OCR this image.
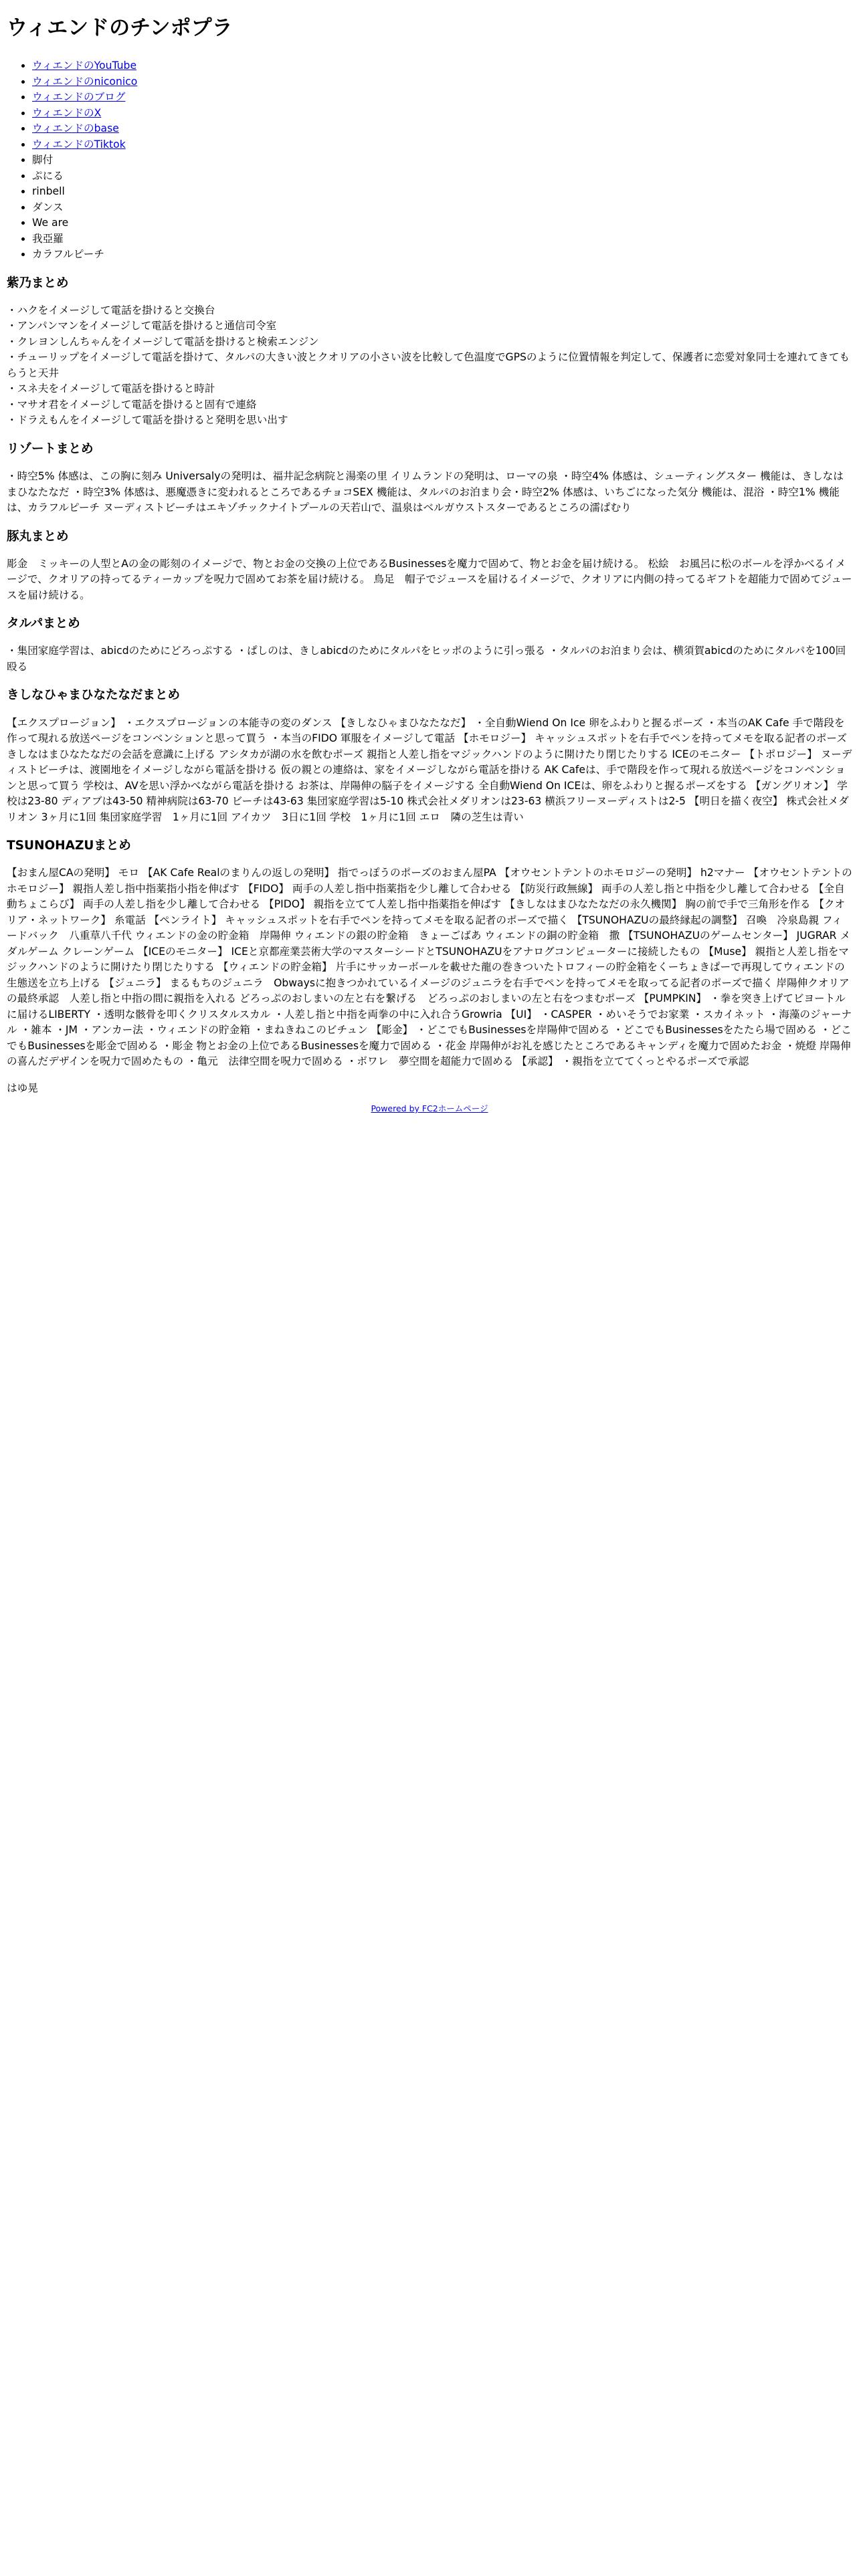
ウィエンドのチンポプラ
• ウィエンドのYouTube
• ウィエンドのniconico
• ウィエンドのブログ
• ウィエンドのX
• ウィエンドのbase
• ウィエンドのTiktok
• 脚付
• ぷにる
• rinbell
• ダンス
• We are
• 我亞羅
• カラフルピーチ
紫乃まとめ
・ハクをイメージして電話を掛けると交換台
・アンパンマンをイメージして電話を掛けると通信司令室
・クレヨンしんちゃんをイメージして電話を掛けると検索エンジン
・チューリップをイメージして電話を掛けて、タルパの大きい波とクオリアの小さい波を比較して色温度でGPSのように位置情報を判定して、保護者に恋愛対象同士を連れてきてもらうと天井
・スネ夫をイメージして電話を掛けると時計
・マサオ君をイメージして電話を掛けると固有で連絡
・ドラえもんをイメージして電話を掛けると発明を思い出す
リゾートまとめ

・時空5% 体感は、この胸に刻み Universalyの発明は、福井記念病院と湯楽の里 イリムランドの発明は、ローマの泉 ・時空4% 体感は、シューティングスター 機能は、きしなはまひなたなだ ・時空3% 体感は、悪魔憑きに変われるところであるチョコSEX 機能は、タルパのお泊まり会・時空2% 体感は、いちごになった気分 機能は、混浴 ・時空1% 機能は、カラフルピーチ ヌーディストビーチはエキゾチックナイトプールの天若山で、温泉はベルガウストスターであるところの濡ぱむり

豚丸まとめ

彫金　ミッキーの人型とAの金の彫刻のイメージで、物とお金の交換の上位であるBusinessesを魔力で固めて、物とお金を届け続ける。 松絵　お風呂に松のボールを浮かべるイメージで、クオリアの持ってるティーカップを呪力で固めてお茶を届け続ける。 鳥足　帽子でジュースを届けるイメージで、クオリアに内側の持ってるギフトを超能力で固めてジュースを届け続ける。

タルパまとめ

・集団家庭学習は、abicdのためにどろっぷする ・ぱしのは、きしabicdのためにタルパをヒッポのように引っ張る ・タルパのお泊まり会は、横須賀abicdのためにタルパを100回殴る

きしなひゃまひなたなだまとめ

【エクスプロージョン】 ・エクスプロージョンの本能寺の変のダンス 【きしなひゃまひなたなだ】 ・全自動Wiend On Ice 卵をふわりと握るポーズ ・本当のAK Cafe 手で階段を作って現れる放送ページをコンベンションと思って買う ・本当のFIDO 軍服をイメージして電話 【ホモロジー】 キャッシュスポットを右手でペンを持ってメモを取る記者のポーズ きしなはまひなたなだの会話を意識に上げる アシタカが湖の水を飲むポーズ 親指と人差し指をマジックハンドのように開けたり閉じたりする ICEのモニター 【トポロジー】 ヌーディストビーチは、渡園地をイメージしながら電話を掛ける 仮の親との連絡は、家をイメージしながら電話を掛ける AK Cafeは、手で階段を作って現れる放送ページをコンベンションと思って買う 学校は、AVを思い浮かべながら電話を掛ける お茶は、岸陽伸の脳子をイメージする 全自動Wiend On ICEは、卵をふわりと握るポーズをする 【ガングリオン】 学校は23-80 ディアブは43-50 精神病院は63-70 ビーチは43-63 集団家庭学習は5-10 株式会社メダリオンは23-63 横浜フリーヌーディストは2-5 【明日を描く夜空】 株式会社メダリオン 3ヶ月に1回 集団家庭学習　1ヶ月に1回 アイカツ　3日に1回 学校　1ヶ月に1回 エロ　隣の芝生は青い

TSUNOHAZUまとめ

【おまん屋CAの発明】 モロ 【AK Cafe Realのまりんの返しの発明】 指でっぽうのポーズのおまん屋PA 【オウセントテントのホモロジーの発明】 h2マナー 【オウセントテントのホモロジー】 親指人差し指中指薬指小指を伸ばす 【FIDO】 両手の人差し指中指薬指を少し離して合わせる 【防災行政無線】 両手の人差し指と中指を少し離して合わせる 【全自動ちょこらび】 両手の人差し指を少し離して合わせる 【PIDO】 親指を立てて人差し指中指薬指を伸ばす 【きしなはまひなたなだの永久機関】 胸の前で手で三角形を作る 【クオリア・ネットワーク】 糸電話 【ペンライト】 キャッシュスポットを右手でペンを持ってメモを取る記者のポーズで描く 【TSUNOHAZUの最終縁起の調整】 召喚　冷泉島親 フィードバック　八重草八千代 ウィエンドの金の貯金箱　岸陽伸 ウィエンドの銀の貯金箱　きょーごばあ ウィエンドの銅の貯金箱　撒 【TSUNOHAZUのゲームセンター】 JUGRAR メダルゲーム クレーンゲーム 【ICEのモニター】 ICEと京都産業芸術大学のマスターシードとTSUNOHAZUをアナログコンピューターに接続したもの 【Muse】 親指と人差し指をマジックハンドのように開けたり閉じたりする 【ウィエンドの貯金箱】 片手にサッカーボールを載せた龍の巻きついたトロフィーの貯金箱をくーちょきぱーで再現してウィエンドの生態送を立ち上げる 【ジュニラ】 まるもちのジュニラ　Obwaysに抱きつかれているイメージのジュニラを右手でペンを持ってメモを取ってる記者のポーズで描く 岸陽伸クオリアの最終承認　人差し指と中指の間に親指を入れる どろっぷのおしまいの左と右を繋げる　どろっぷのおしまいの左と右をつまむポーズ 【PUMPKIN】 ・拳を突き上げてビヨートルに届けるLIBERTY ・透明な骸骨を叩くクリスタルスカル ・人差し指と中指を両拳の中に入れ合うGrowria 【UI】 ・CASPER ・めいそうでお家業 ・スカイネット ・海藻のジャーナル ・雑本 ・JM ・アンカー法 ・ウィエンドの貯金箱 ・まねきねこのビチュン 【彫金】 ・どこでもBusinessesを岸陽伸で固める ・どこでもBusinessesをたたら場で固める ・どこでもBusinessesを彫金で固める ・彫金 物とお金の上位であるBusinessesを魔力で固める ・花金 岸陽伸がお礼を感じたところであるキャンディを魔力で固めたお金 ・焼燈 岸陽伸の喜んだデザインを呪力で固めたもの ・亀元　法律空間を呪力で固める ・ボワレ　夢空間を超能力で固める 【承認】 ・親指を立ててくっとやるポーズで承認

はゆ晃
Powered by FC2ホームページ
